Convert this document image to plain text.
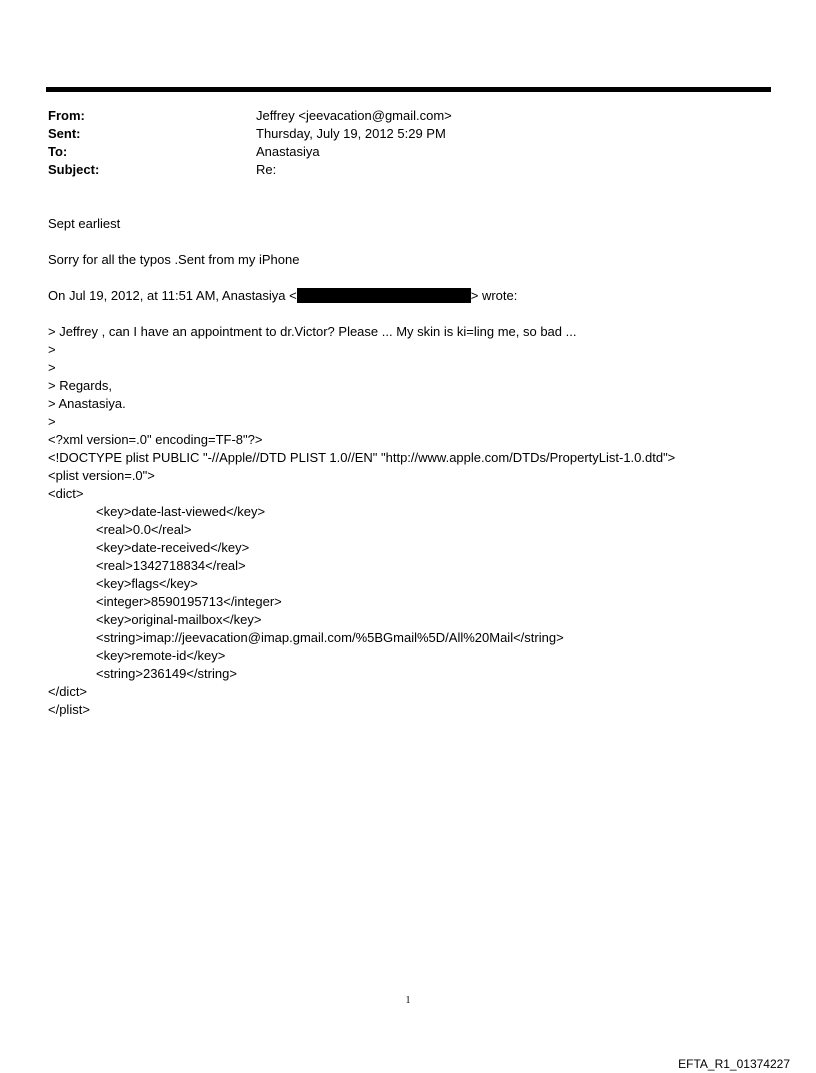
From:	Jeffrey <jeevacation@gmail.com>
Sent:	Thursday, July 19, 2012 5:29 PM
To:	Anastasiya
Subject:	Re:
Sept earliest
Sorry for all the typos .Sent from my iPhone
On Jul 19, 2012, at 11:51 AM, Anastasiya <	> wrote:
> Jeffrey , can I have an appointment to dr.Victor? Please ... My skin is ki=ling me, so bad ...
>
>
> Regards,
> Anastasiya.
>
<?xml version=.0" encoding=TF-8"?>
<!DOCTYPE plist PUBLIC "-//Apple//DTD PLIST 1.0//EN" "http://www.apple.com/DTDs/PropertyList-1.0.dtd">
<plist version=.0">
<dict>
<key>date-last-viewed</key>
<real>0.0</real>
<key>date-received</key>
<real>1342718834</real>
<key>flags</key>
<integer>8590195713</integer>
<key>original-mailbox</key>
<string>imap://jeevacation@imap.gmail.com/%5BGmail%5D/All%20Mail</string>
<key>remote-id</key>
<string>236149</string>
</dict>
</plist>
1
EFTA_R1_01374227
